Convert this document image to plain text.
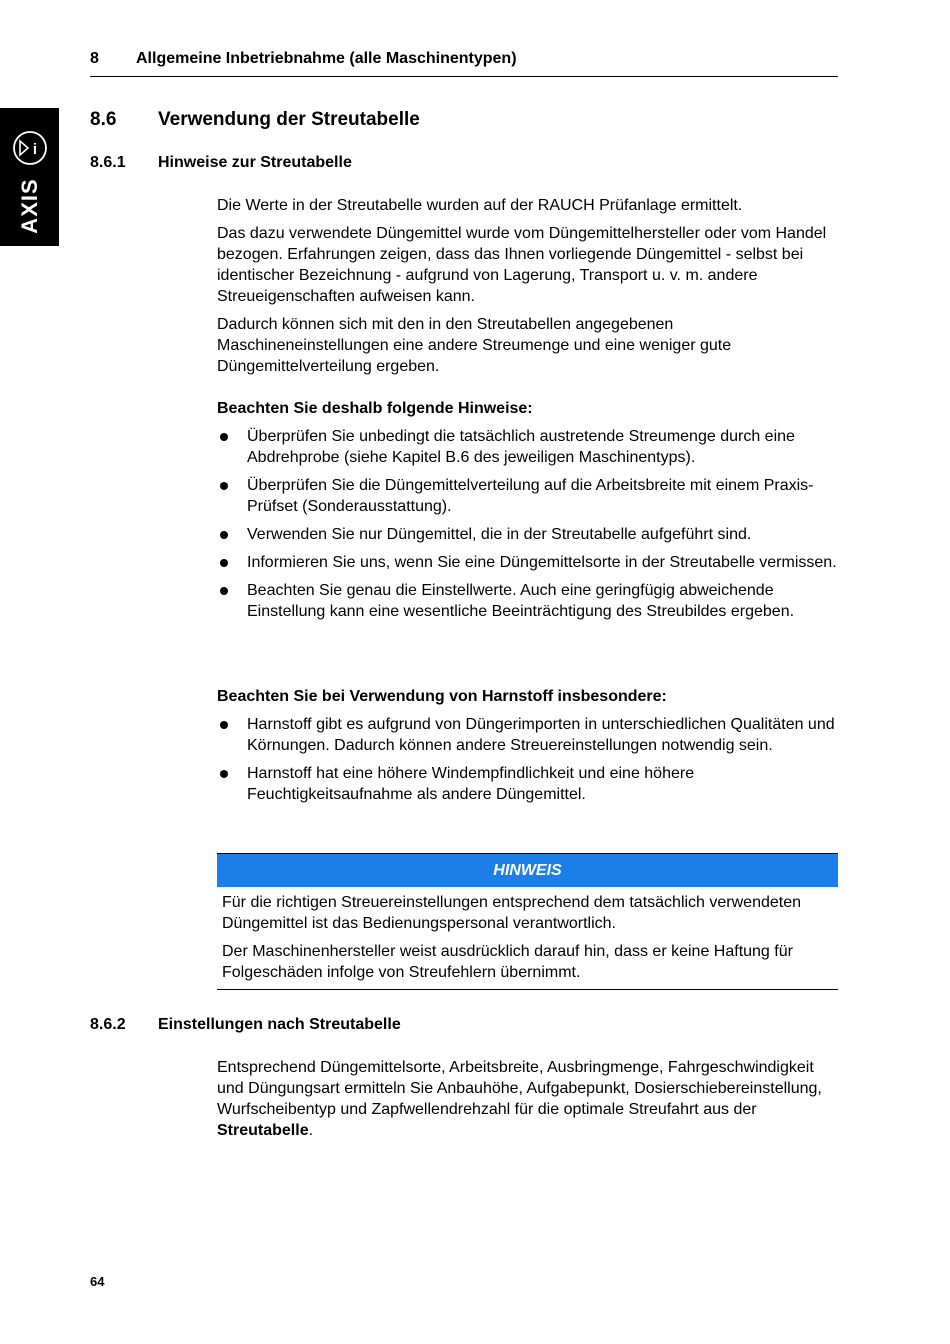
8 Allgemeine Inbetriebnahme (alle Maschinentypen)
i
AXIS
8.6 Verwendung der Streutabelle
8.6.1 Hinweise zur Streutabelle

Die Werte in der Streutabelle wurden auf der RAUCH Prüfanlage ermittelt.

Das dazu verwendete Düngemittel wurde vom Düngemittelhersteller oder vom Handel bezogen. Erfahrungen zeigen, dass das Ihnen vorliegende Düngemittel - selbst bei identischer Bezeichnung - aufgrund von Lagerung, Transport u. v. m. andere Streueigenschaften aufweisen kann.

Dadurch können sich mit den in den Streutabellen angegebenen Maschineneinstellungen eine andere Streumenge und eine weniger gute Düngemittelverteilung ergeben.

Beachten Sie deshalb folgende Hinweise:

Überprüfen Sie unbedingt die tatsächlich austretende Streumenge durch eine Abdrehprobe (siehe Kapitel B.6 des jeweiligen Maschinentyps).
Überprüfen Sie die Düngemittelverteilung auf die Arbeitsbreite mit einem Praxis-Prüfset (Sonderausstattung).
Verwenden Sie nur Düngemittel, die in der Streutabelle aufgeführt sind.
Informieren Sie uns, wenn Sie eine Düngemittelsorte in der Streutabelle vermissen.
Beachten Sie genau die Einstellwerte. Auch eine geringfügig abweichende Einstellung kann eine wesentliche Beeinträchtigung des Streubildes ergeben.

Beachten Sie bei Verwendung von Harnstoff insbesondere:

Harnstoff gibt es aufgrund von Düngerimporten in unterschiedlichen Qualitäten und Körnungen. Dadurch können andere Streuereinstellungen notwendig sein.
Harnstoff hat eine höhere Windempfindlichkeit und eine höhere Feuchtigkeitsaufnahme als andere Düngemittel.
HINWEIS

Für die richtigen Streuereinstellungen entsprechend dem tatsächlich verwendeten Düngemittel ist das Bedienungspersonal verantwortlich.

Der Maschinenhersteller weist ausdrücklich darauf hin, dass er keine Haftung für Folgeschäden infolge von Streufehlern übernimmt.

8.6.2 Einstellungen nach Streutabelle

Entsprechend Düngemittelsorte, Arbeitsbreite, Ausbringmenge, Fahrgeschwindigkeit und Düngungsart ermitteln Sie Anbauhöhe, Aufgabepunkt, Dosierschiebereinstellung, Wurfscheibentyp und Zapfwellendrehzahl für die optimale Streufahrt aus der Streutabelle.

64
